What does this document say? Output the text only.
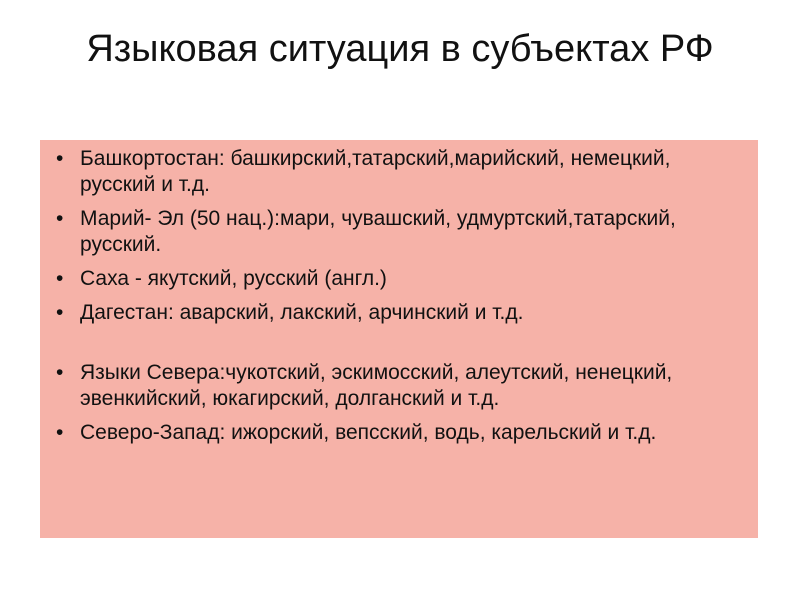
Языковая ситуация в субъектах РФ
• Башкортостан: башкирский,татарский,марийский, немецкий, русский и т.д.
• Марий- Эл (50 нац.):мари, чувашский, удмуртский,татарский, русский.
• Саха - якутский, русский (англ.)
• Дагестан: аварский, лакский, арчинский и т.д.
• Языки Севера:чукотский, эскимосский, алеутский, ненецкий, эвенкийский, юкагирский, долганский и т.д.
• Северо-Запад: ижорский, вепсский, водь, карельский и т.д.
